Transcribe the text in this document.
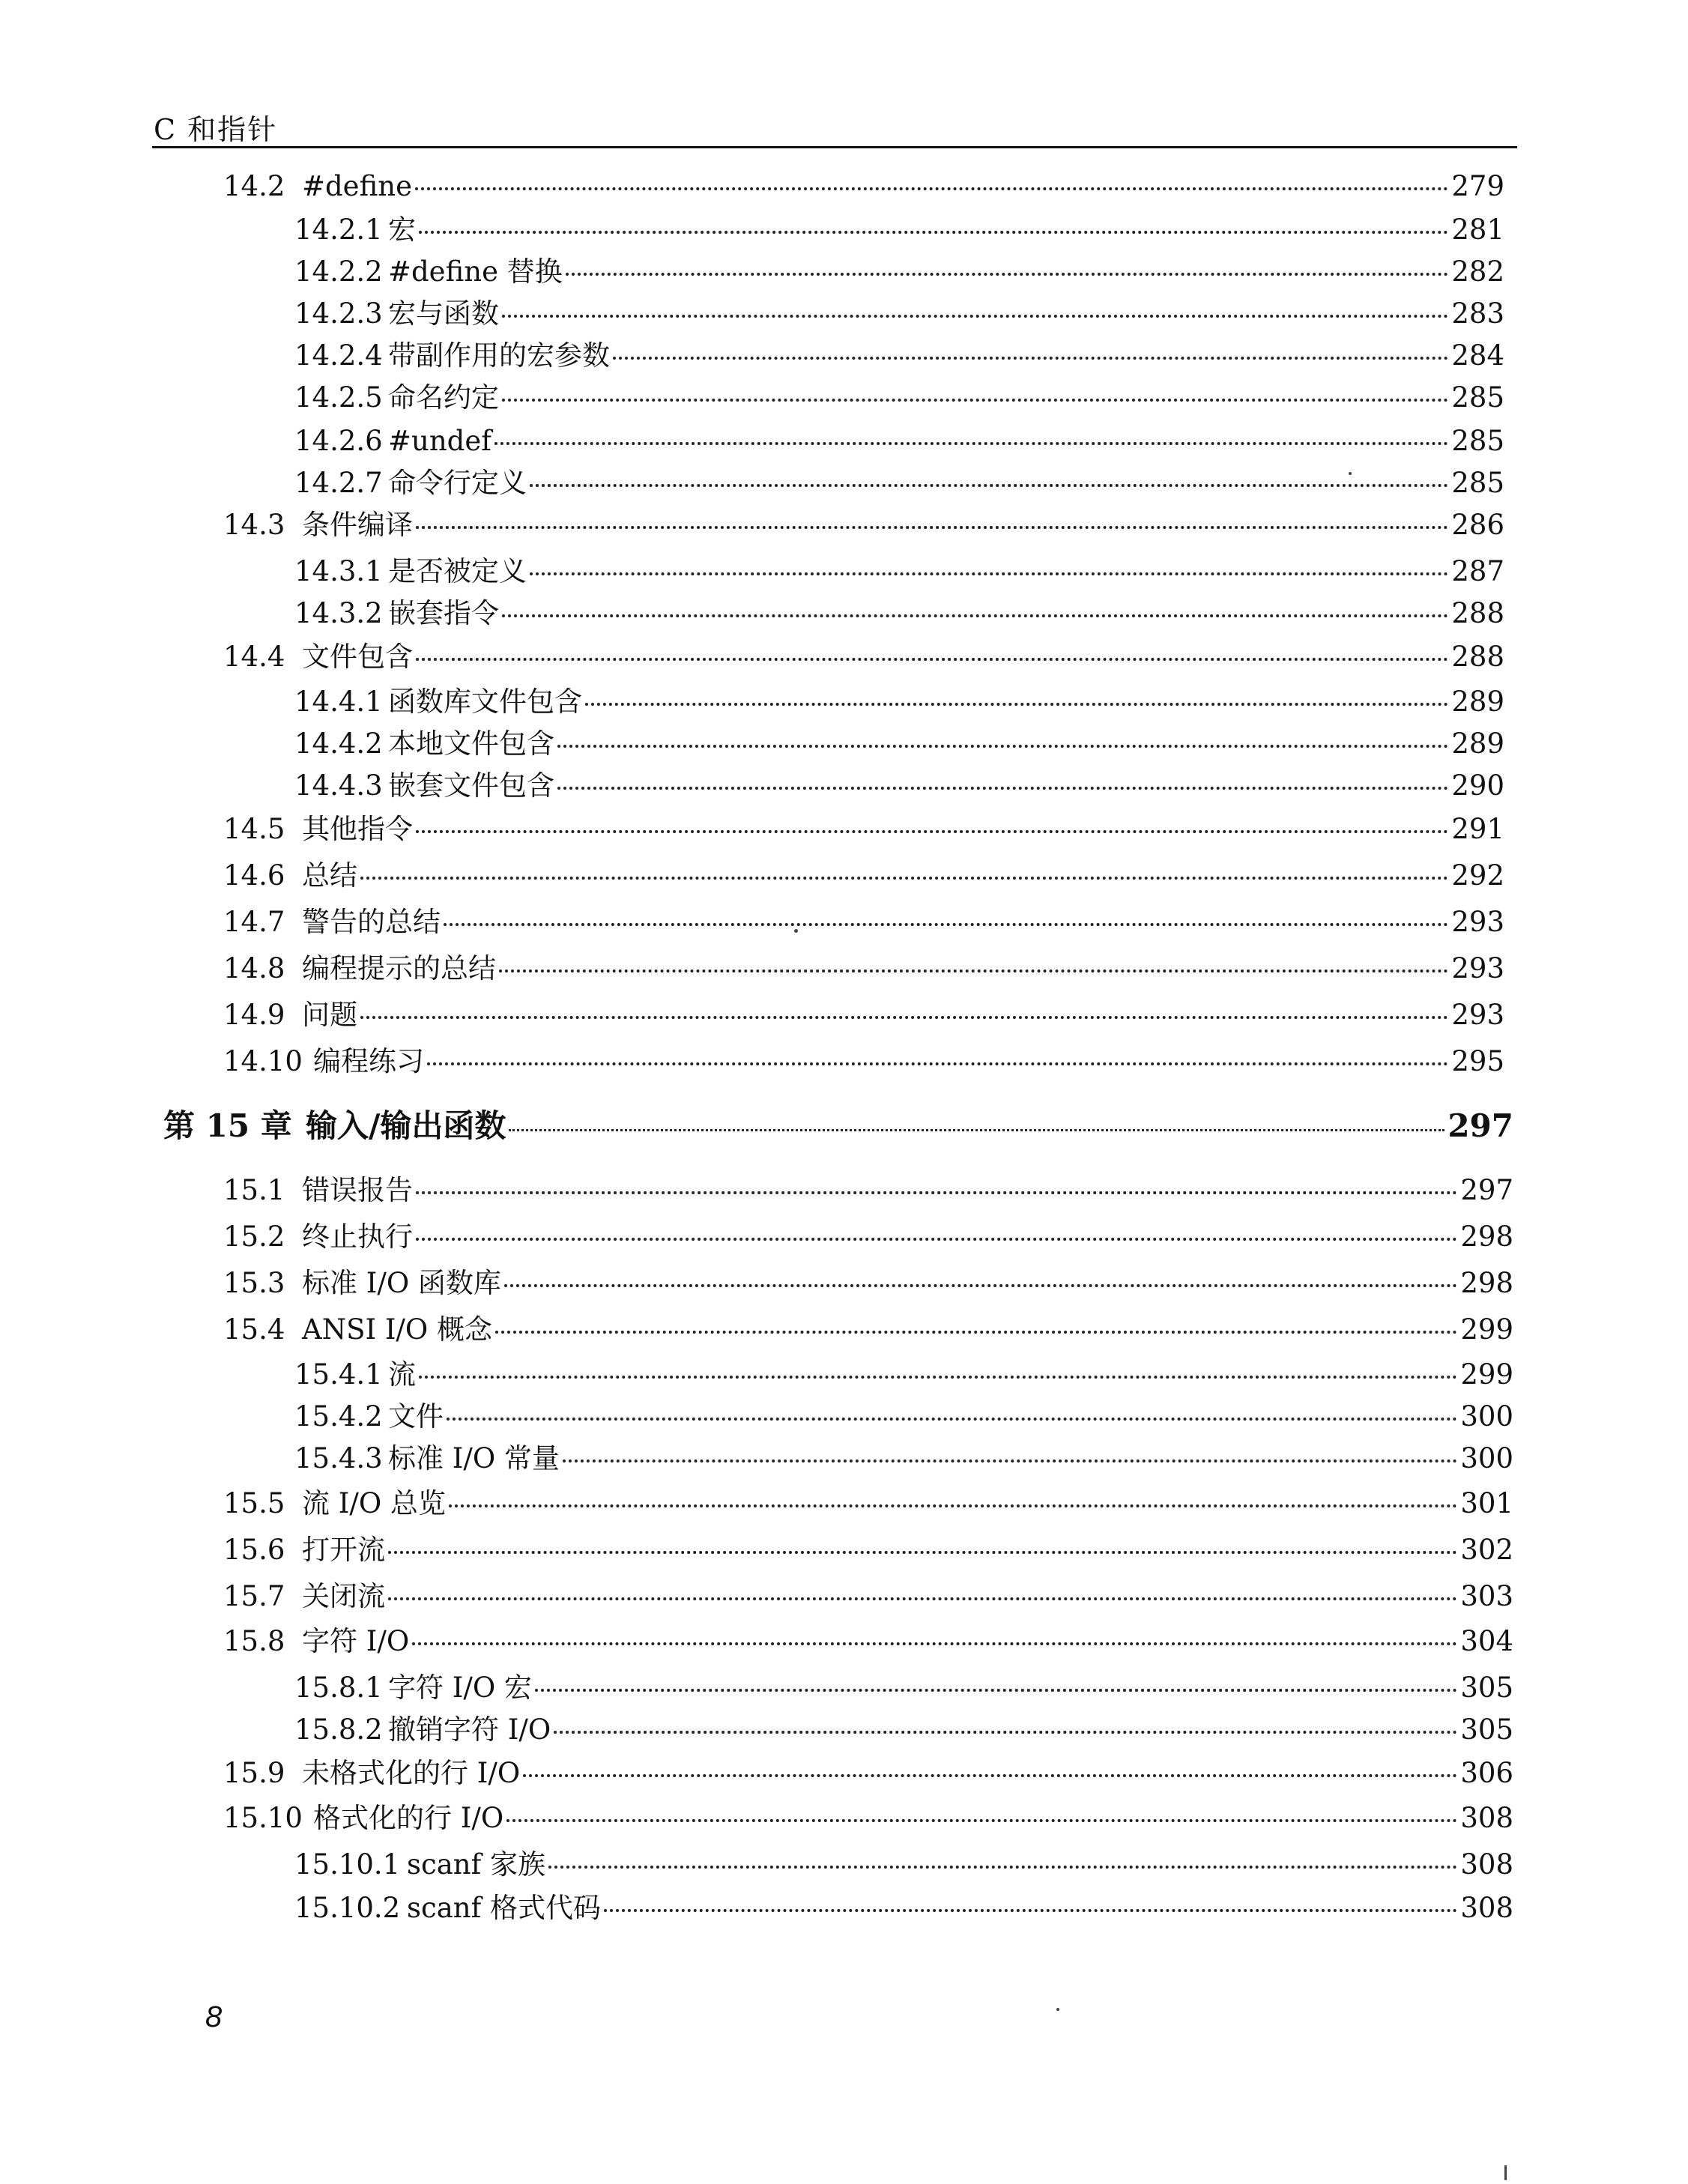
C 和指针
14.2 #define	279
14.2.1 宏	281
14.2.2 #define 替换	282
14.2.3 宏与函数	283
14.2.4 带副作用的宏参数	284
14.2.5 命名约定	285
14.2.6 #undef	285
14.2.7 命令行定义	285
14.3 条件编译	286
14.3.1 是否被定义	287
14.3.2 嵌套指令	288
14.4 文件包含	288
14.4.1 函数库文件包含	289
14.4.2 本地文件包含	289
14.4.3 嵌套文件包含	290
14.5 其他指令	291
14.6 总结	292
14.7 警告的总结	293
14.8 编程提示的总结	293
14.9 问题	293
14.10 编程练习	295
第 15 章 输入/输出函数	297
15.1 错误报告	297
15.2 终止执行	298
15.3 标准 I/O 函数库	298
15.4 ANSI I/O 概念	299
15.4.1 流	299
15.4.2 文件	300
15.4.3 标准 I/O 常量	300
15.5 流 I/O 总览	301
15.6 打开流	302
15.7 关闭流	303
15.8 字符 I/O	304
15.8.1 字符 I/O 宏	305
15.8.2 撤销字符 I/O	305
15.9 未格式化的行 I/O	306
15.10 格式化的行 I/O	308
15.10.1 scanf 家族	308
15.10.2 scanf 格式代码	308
8
